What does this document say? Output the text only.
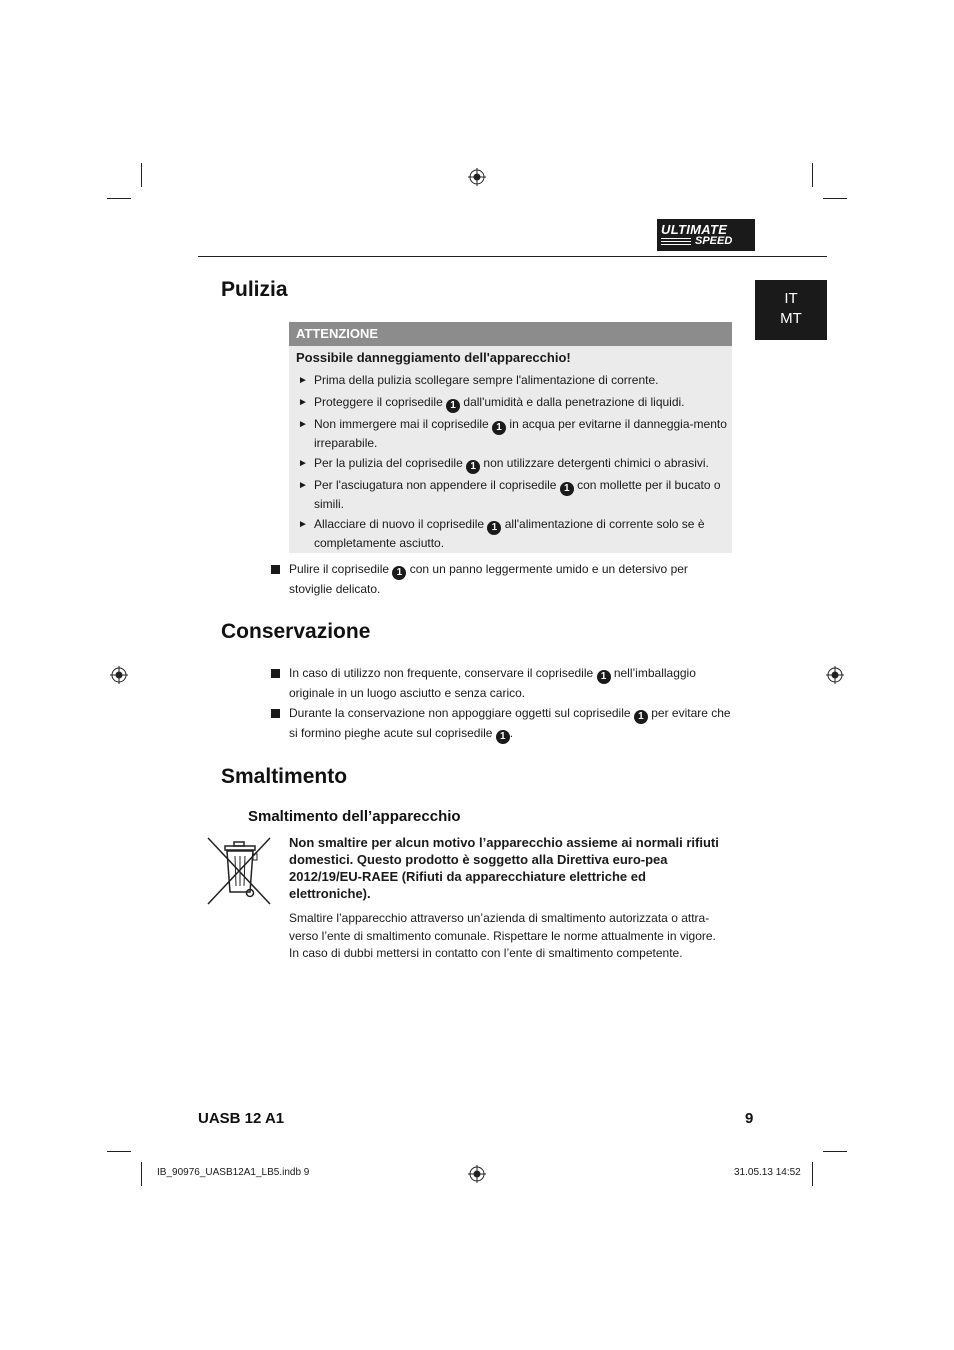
ULTIMATE
SPEED
IT
MT
Pulizia
ATTENZIONE
Possibile danneggiamento dell'apparecchio!
► Prima della pulizia scollegare sempre l'alimentazione di corrente.
► Proteggere il coprisedile 1 dall'umidità e dalla penetrazione di liquidi.
► Non immergere mai il coprisedile 1 in acqua per evitarne il danneggia-mento irreparabile.
► Per la pulizia del coprisedile 1 non utilizzare detergenti chimici o abrasivi.
► Per l'asciugatura non appendere il coprisedile 1 con mollette per il bucato o simili.
► Allacciare di nuovo il coprisedile 1 all'alimentazione di corrente solo se è completamente asciutto.
Pulire il coprisedile 1 con un panno leggermente umido e un detersivo per stoviglie delicato.
Conservazione
In caso di utilizzo non frequente, conservare il coprisedile 1 nell’imballaggio originale in un luogo asciutto e senza carico.
Durante la conservazione non appoggiare oggetti sul coprisedile 1 per evitare che si formino pieghe acute sul coprisedile 1 .
Smaltimento
Smaltimento dell’apparecchio
Non smaltire per alcun motivo l’apparecchio assieme ai normali rifiuti domestici. Questo prodotto è soggetto alla Direttiva euro-pea 2012/19/EU-RAEE (Rifiuti da apparecchiature elettriche ed elettroniche).
Smaltire l’apparecchio attraverso un’azienda di smaltimento autorizzata o attra-verso l’ente di smaltimento comunale. Rispettare le norme attualmente in vigore. In caso di dubbi mettersi in contatto con l’ente di smaltimento competente.
UASB 12 A1	9
IB_90976_UASB12A1_LB5.indb 9	31.05.13 14:52
